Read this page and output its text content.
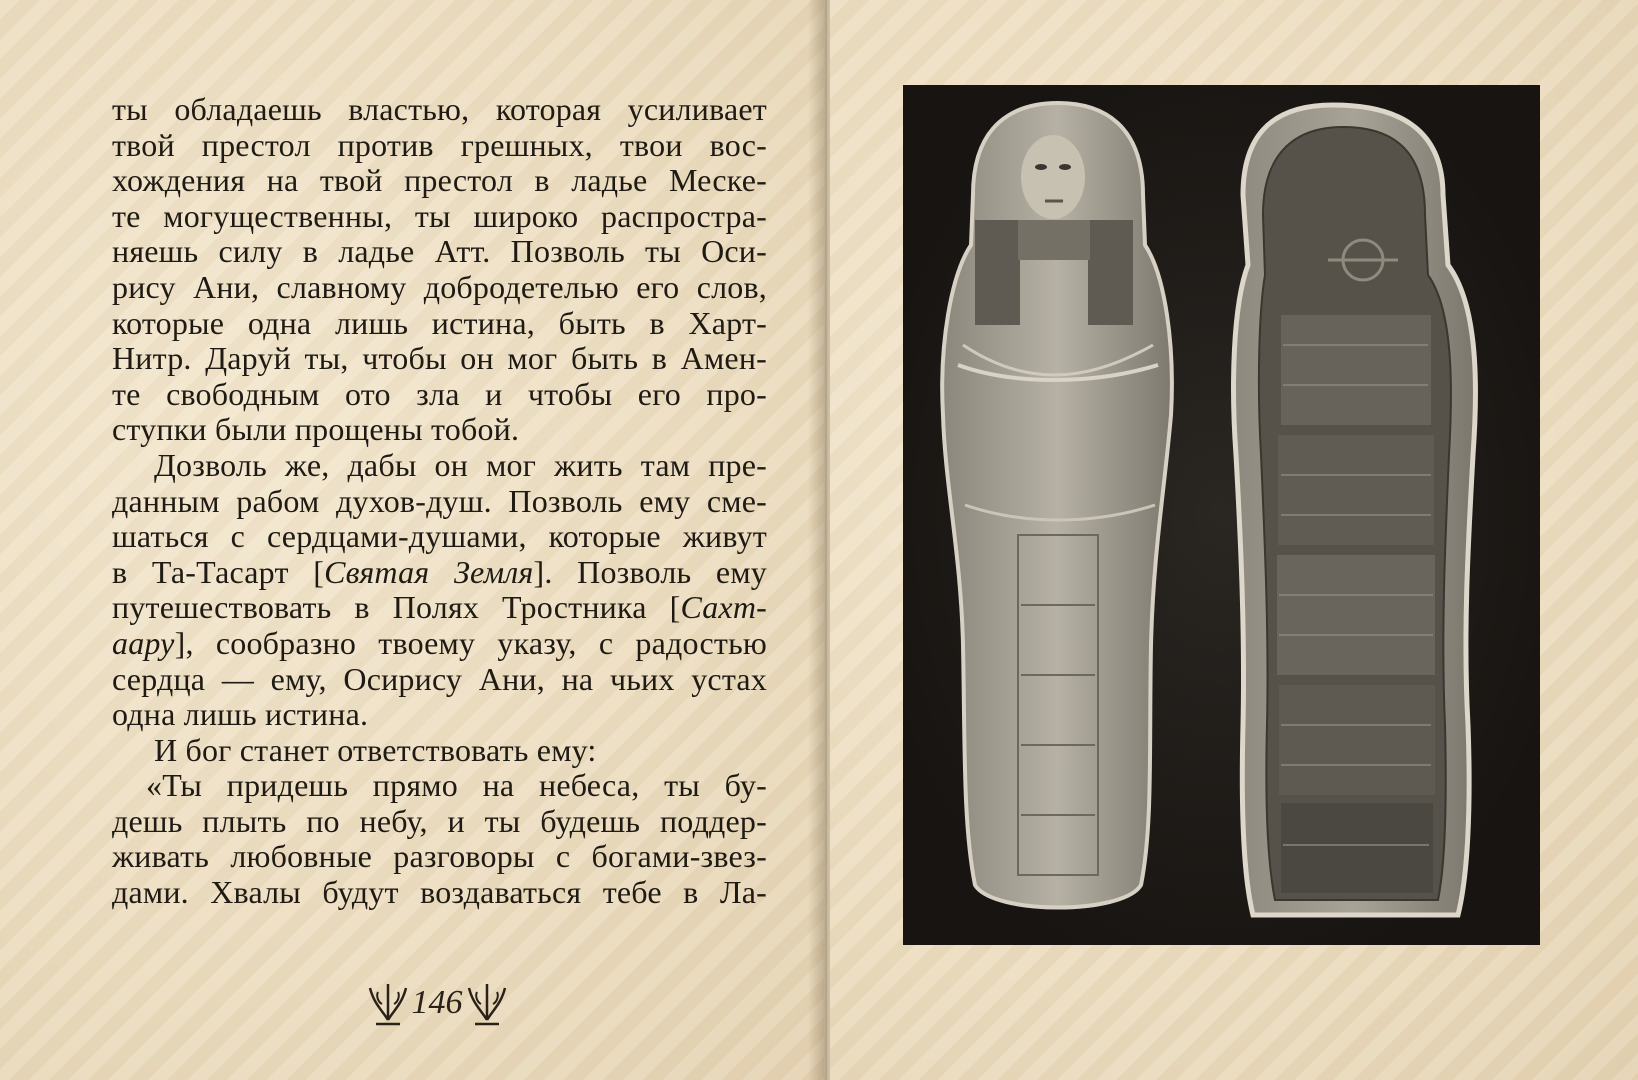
ты обладаешь властью, которая усиливает
твой престол против грешных, твои вос-
хождения на твой престол в ладье Меске-
те могущественны, ты широко распростра-
няешь силу в ладье Атт. Позволь ты Оси-
рису Ани, славному добродетелью его слов,
которые одна лишь истина, быть в Харт-
Нитр. Даруй ты, чтобы он мог быть в Амен-
те свободным ото зла и чтобы его про-
ступки были прощены тобой.
Дозволь же, дабы он мог жить там пре-
данным рабом духов-душ. Позволь ему сме-
шаться с сердцами-душами, которые живут
в Та-Тасарт [Святая Земля]. Позволь ему
путешествовать в Полях Тростника [Сахт-
аару], сообразно твоему указу, с радостью
сердца — ему, Осирису Ани, на чьих устах
одна лишь истина.
И бог станет ответствовать ему:
«Ты придешь прямо на небеса, ты бу-
дешь плыть по небу, и ты будешь поддер-
живать любовные разговоры с богами-звез-
дами. Хвалы будут воздаваться тебе в Ла-
146
